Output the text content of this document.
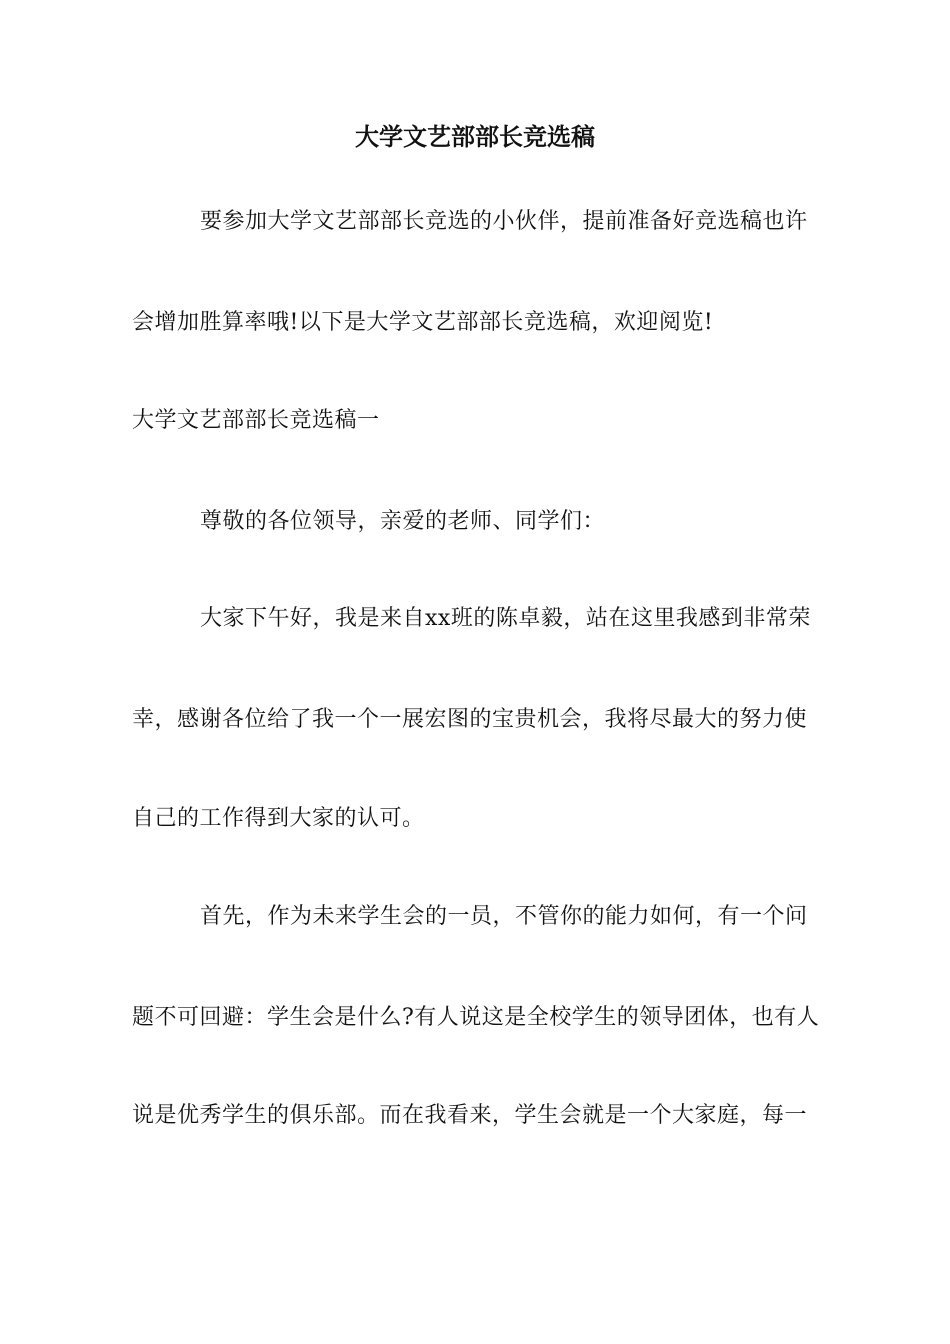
大学文艺部部长竞选稿
要参加大学文艺部部长竞选的小伙伴，提前准备好竞选稿也许
会增加胜算率哦!以下是大学文艺部部长竞选稿，欢迎阅览!
大学文艺部部长竞选稿一
尊敬的各位领导，亲爱的老师、同学们：
大家下午好，我是来自xx班的陈卓毅，站在这里我感到非常荣
幸，感谢各位给了我一个一展宏图的宝贵机会，我将尽最大的努力使
自己的工作得到大家的认可。
首先，作为未来学生会的一员，不管你的能力如何，有一个问
题不可回避：学生会是什么?有人说这是全校学生的领导团体，也有人
说是优秀学生的俱乐部。而在我看来，学生会就是一个大家庭，每一
